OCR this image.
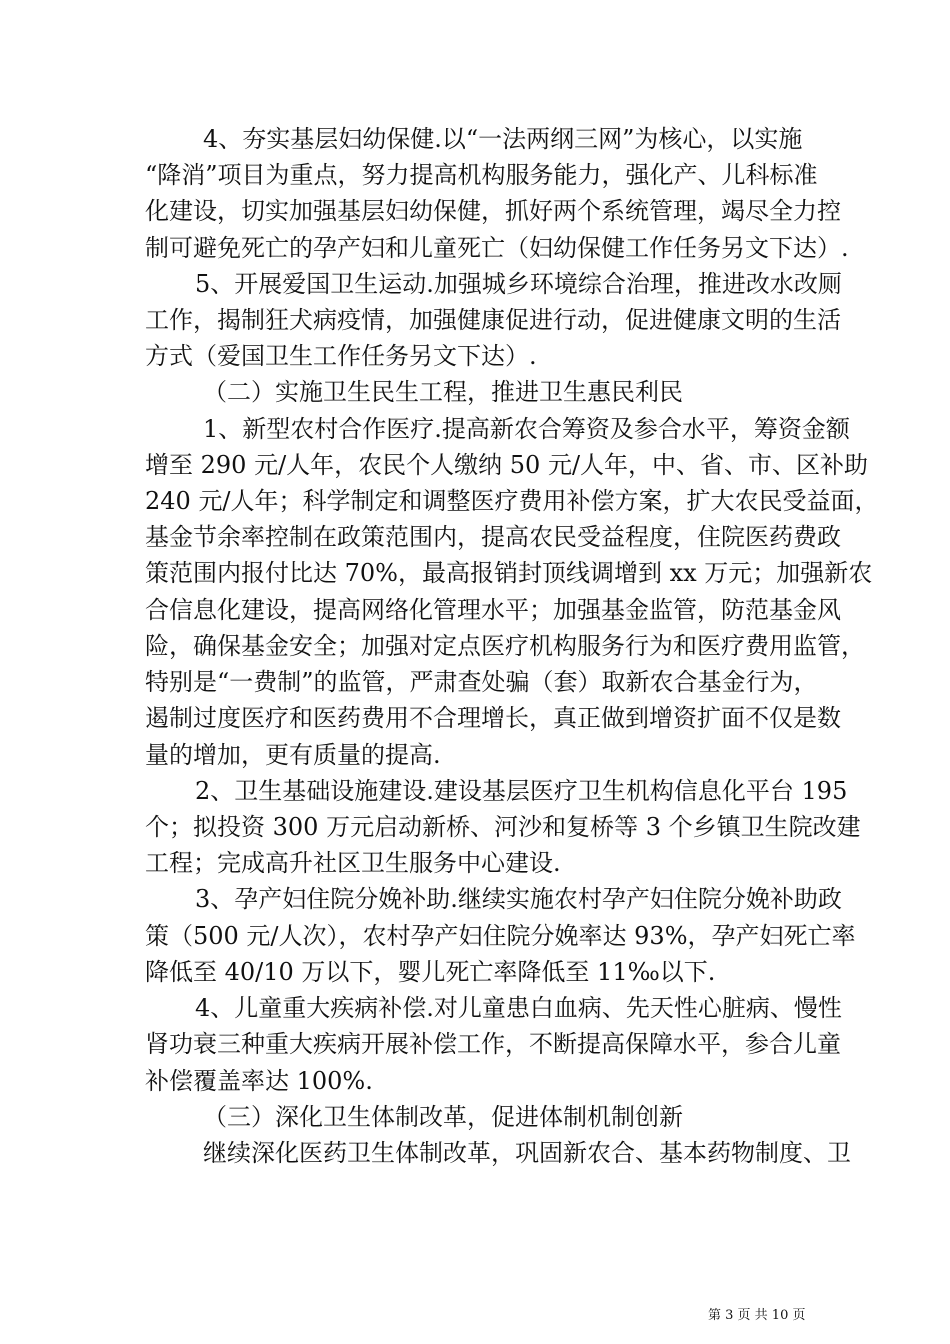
4、夯实基层妇幼保健.以“一法两纲三网”为核心，以实施
“降消”项目为重点，努力提高机构服务能力，强化产、儿科标准
化建设，切实加强基层妇幼保健，抓好两个系统管理，竭尽全力控
制可避免死亡的孕产妇和儿童死亡（妇幼保健工作任务另文下达）.
5、开展爱国卫生运动.加强城乡环境综合治理，推进改水改厕
工作，揭制狂犬病疫情，加强健康促进行动，促进健康文明的生活
方式（爱国卫生工作任务另文下达）.
（二）实施卫生民生工程，推进卫生惠民利民
1、新型农村合作医疗.提高新农合筹资及参合水平，筹资金额
增至 290 元/人年，农民个人缴纳 50 元/人年，中、省、市、区补助
240 元/人年；科学制定和调整医疗费用补偿方案，扩大农民受益面，
基金节余率控制在政策范围内，提高农民受益程度，住院医药费政
策范围内报付比达 70%，最高报销封顶线调增到 xx 万元；加强新农
合信息化建设，提高网络化管理水平；加强基金监管，防范基金风
险，确保基金安全；加强对定点医疗机构服务行为和医疗费用监管，
特别是“一费制”的监管，严肃查处骗（套）取新农合基金行为，
遏制过度医疗和医药费用不合理增长，真正做到增资扩面不仅是数
量的增加，更有质量的提高.
2、卫生基础设施建设.建设基层医疗卫生机构信息化平台 195
个；拟投资 300 万元启动新桥、河沙和复桥等 3 个乡镇卫生院改建
工程；完成高升社区卫生服务中心建设.
3、孕产妇住院分娩补助.继续实施农村孕产妇住院分娩补助政
策（500 元/人次），农村孕产妇住院分娩率达 93%，孕产妇死亡率
降低至 40/10 万以下，婴儿死亡率降低至 11‰以下.
4、儿童重大疾病补偿.对儿童患白血病、先天性心脏病、慢性
肾功衰三种重大疾病开展补偿工作，不断提高保障水平，参合儿童
补偿覆盖率达 100%.
（三）深化卫生体制改革，促进体制机制创新
继续深化医药卫生体制改革，巩固新农合、基本药物制度、卫
第 3 页 共 10 页
